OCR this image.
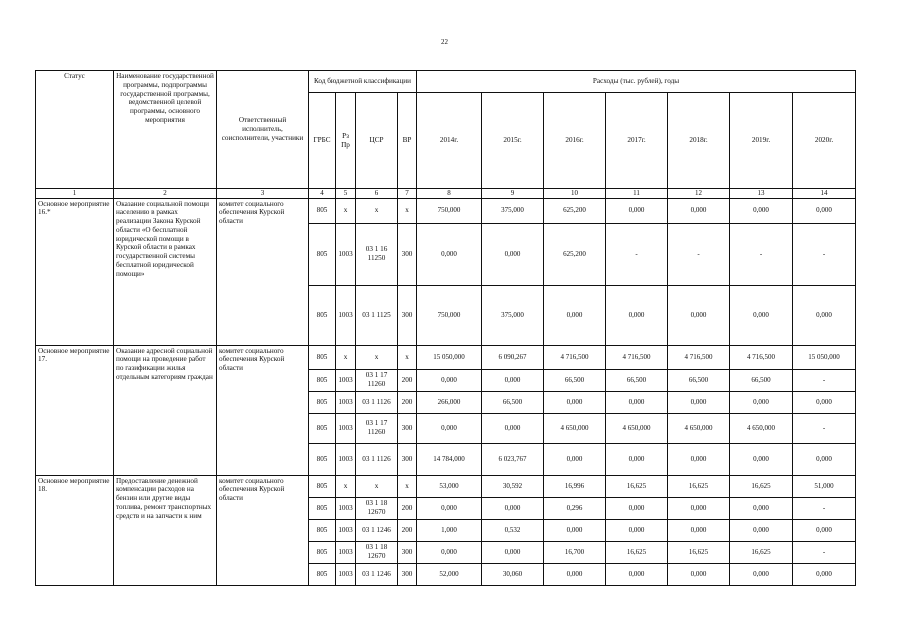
22
Статус	Наименование государственной программы, подпрограммы государственной программы, ведомственной целевой программы, основного мероприятия	Ответственный исполнитель, соисполнители, участники	Код бюджетной классификации				Расходы (тыс. рублей), годы						
			ГРБС	Рз Пр	ЦСР	ВР	2014г.	2015г.	2016г.	2017г.	2018г.	2019г.	2020г.
1	2	3	4	5	6	7	8	9	10	11	12	13	14
Основное мероприятие 16.*	Оказание социальной помощи населению в рамках реализации Закона Курской области «О бесплатной юридической помощи в Курской области в рамках государственной системы бесплатной юридической помощи»	комитет социального обеспечения Курской области	805	x	x	x	750,000	375,000	625,200	0,000	0,000	0,000	0,000
			805	1003	03 1 16 11250	300	0,000	0,000	625,200	-	-	-	-
			805	1003	03 1 1125	300	750,000	375,000	0,000	0,000	0,000	0,000	0,000
Основное мероприятие 17.	Оказание адресной социальной помощи на проведение работ по газификации жилья отдельным категориям граждан	комитет социального обеспечения Курской области	805	x	x	x	15 050,000	6 090,267	4 716,500	4 716,500	4 716,500	4 716,500	15 050,000
			805	1003	03 1 17 11260	200	0,000	0,000	66,500	66,500	66,500	66,500	-
			805	1003	03 1 1126	200	266,000	66,500	0,000	0,000	0,000	0,000	0,000
			805	1003	03 1 17 11260	300	0,000	0,000	4 650,000	4 650,000	4 650,000	4 650,000	-
			805	1003	03 1 1126	300	14 784,000	6 023,767	0,000	0,000	0,000	0,000	0,000
Основное мероприятие 18.	Предоставление денежной компенсации расходов на бензин или другие виды топлива, ремонт транспортных средств и на запчасти к ним	комитет социального обеспечения Курской области	805	x	x	x	53,000	30,592	16,996	16,625	16,625	16,625	51,000
			805	1003	03 1 18 12670	200	0,000	0,000	0,296	0,000	0,000	0,000	-
			805	1003	03 1 1246	200	1,000	0,532	0,000	0,000	0,000	0,000	0,000
			805	1003	03 1 18 12670	300	0,000	0,000	16,700	16,625	16,625	16,625	-
			805	1003	03 1 1246	300	52,000	30,060	0,000	0,000	0,000	0,000	0,000
